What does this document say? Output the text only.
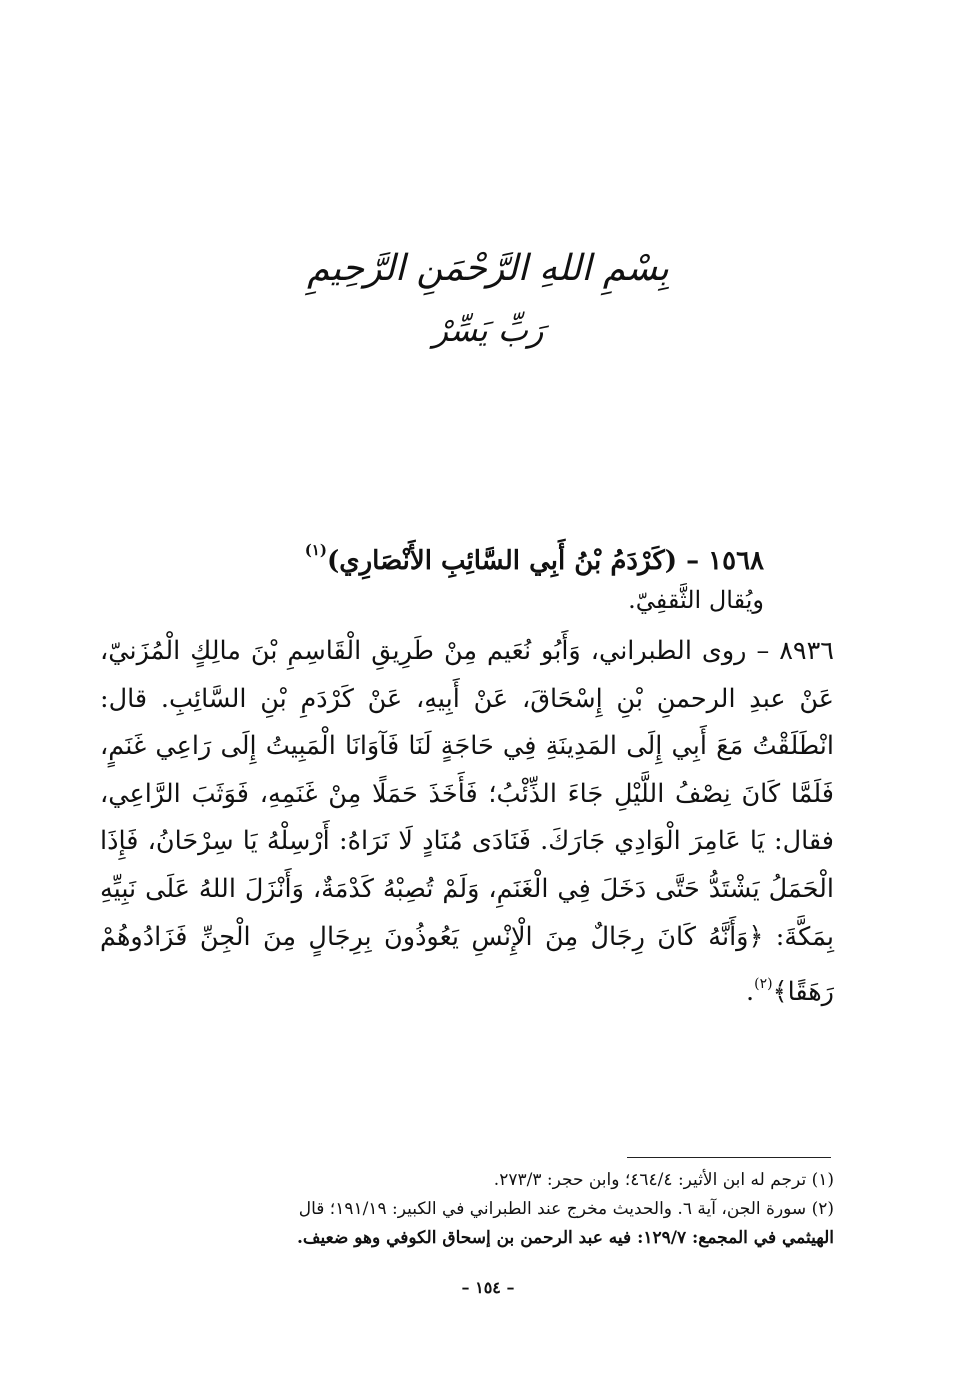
بِسْمِ اللهِ الرَّحْمَنِ الرَّحِيمِ
رَبِّ يَسِّرْ
١٥٦٨ – (كَرْدَمُ بْنُ أَبِي السَّائِبِ الأَنْصَارِي)$^{(١)}$
ويُقال الثَّقفِيّ.
٨٩٣٦ – روى الطبراني، وَأَبُو نُعَيم مِنْ طَرِيقِ الْقَاسِمِ بْنَ مالِكٍ الْمُزَنيّ، عَنْ عبدِ الرحمنِ بْنِ إِسْحَاقَ، عَنْ أَبِيهِ، عَنْ كَرْدَمِ بْنِ السَّائِبِ. قال: انْطَلَقْتُ مَعَ أَبِي إِلَى المَدِينَةِ فِي حَاجَةٍ لَنَا فَآوَانَا الْمَبِيتُ إِلَى رَاعِي غَنَمٍ، فَلَمَّا كَانَ نِصْفُ اللَّيْلِ جَاءَ الذِّئْبُ؛ فَأَخَذَ حَمَلًا مِنْ غَنَمِهِ، فَوَثَبَ الرَّاعِي، فقال: يَا عَامِرَ الْوَادِي جَارَكَ. فَنَادَى مُنَادٍ لَا نَرَاهُ: أَرْسِلْهُ يَا سِرْحَانُ، فَإِذَا الْحَمَلُ يَشْتَدُّ حَتَّى دَخَلَ فِي الْغَنَمِ، وَلَمْ تُصِبْهُ كَدْمَةٌ، وَأَنْزَلَ اللهُ عَلَى نَبِيِّهِ بِمَكَّةَ: ﴿وَأَنَّهُ كَانَ رِجَالٌ مِنَ الْإِنْسِ يَعُوذُونَ بِرِجَالٍ مِنَ الْجِنِّ فَزَادُوهُمْ رَهَقًا﴾$^{(٢)}$.
(١) ترجم له ابن الأثير: ٤٦٤/٤؛ وابن حجر: ٢٧٣/٣.
(٢) سورة الجن، آية ٦. والحديث مخرج عند الطبراني في الكبير: ١٩١/١٩؛ قال
الهيثمي في المجمع: ١٢٩/٧: فيه عبد الرحمن بن إسحاق الكوفي وهو ضعيف.
– ١٥٤ –
